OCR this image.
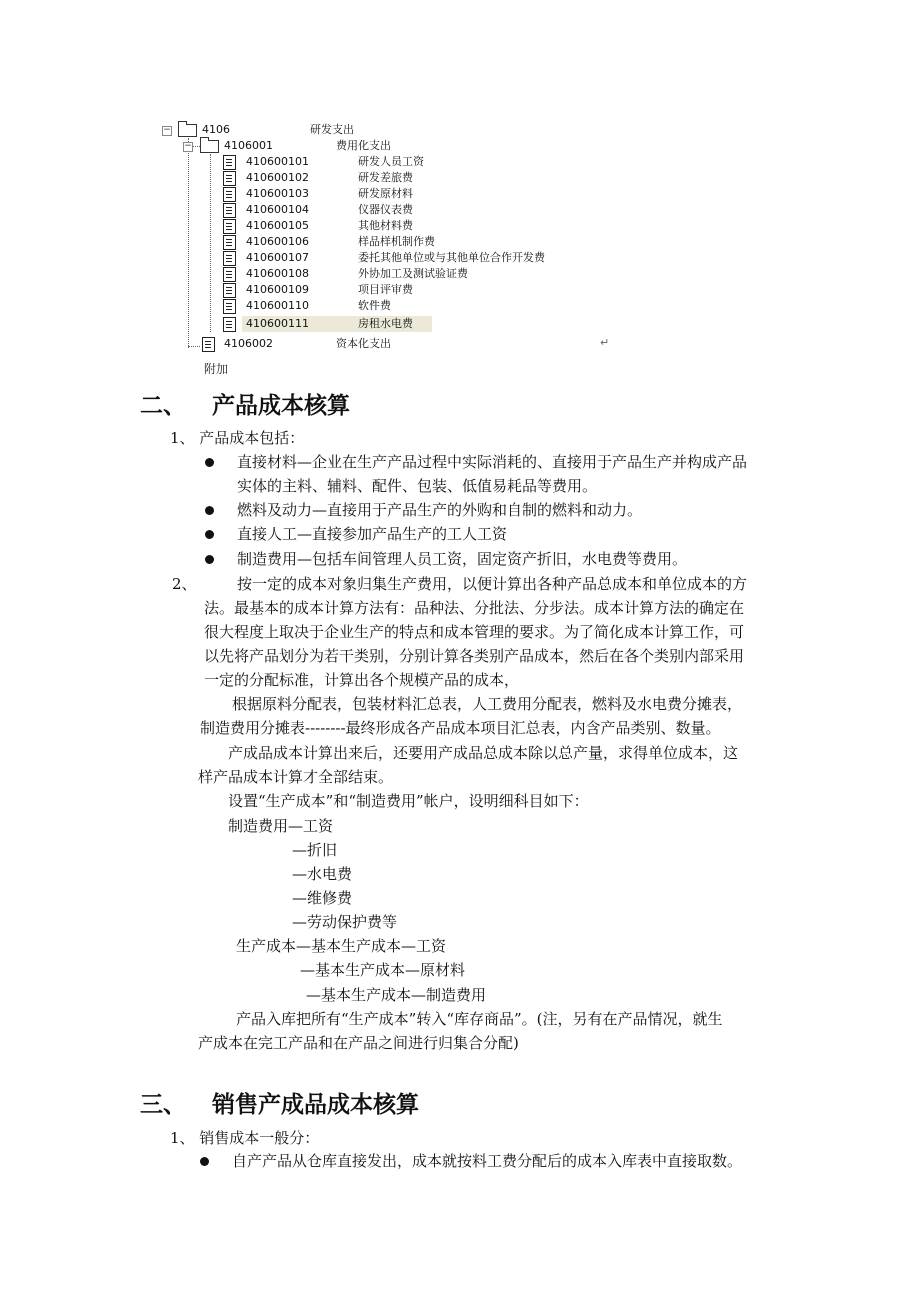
−	4106	研发支出
−	4106001	费用化支出
410600101	研发人员工资
410600102	研发差旅费
410600103	研发原材料
410600104	仪器仪表费
410600105	其他材料费
410600106	样品样机制作费
410600107	委托其他单位或与其他单位合作开发费
410600108	外协加工及测试验证费
410600109	项目评审费
410600110	软件费
410600111	房租水电费
4106002	资本化支出	↵
附加
二、 产品成本核算
1、 产品成本包括：
直接材料—企业在生产产品过程中实际消耗的、直接用于产品生产并构成产品
实体的主料、辅料、配件、包装、低值易耗品等费用。
燃料及动力—直接用于产品生产的外购和自制的燃料和动力。
直接人工—直接参加产品生产的工人工资
制造费用—包括车间管理人员工资，固定资产折旧，水电费等费用。
2、	按一定的成本对象归集生产费用，以便计算出各种产品总成本和单位成本的方
法。最基本的成本计算方法有：品种法、分批法、分步法。成本计算方法的确定在
很大程度上取决于企业生产的特点和成本管理的要求。为了简化成本计算工作，可
以先将产品划分为若干类别，分别计算各类别产品成本，然后在各个类别内部采用
一定的分配标准，计算出各个规模产品的成本，
根据原料分配表，包装材料汇总表，人工费用分配表，燃料及水电费分摊表，
制造费用分摊表--------最终形成各产品成本项目汇总表，内含产品类别、数量。
产成品成本计算出来后，还要用产成品总成本除以总产量，求得单位成本，这
样产品成本计算才全部结束。
设置“生产成本”和“制造费用”帐户，设明细科目如下：
制造费用—工资
—折旧
—水电费
—维修费
—劳动保护费等
生产成本—基本生产成本—工资
—基本生产成本—原材料
—基本生产成本—制造费用
产品入库把所有“生产成本”转入“库存商品”。(注，另有在产品情况，就生
产成本在完工产品和在产品之间进行归集合分配)
三、 销售产成品成本核算
1、 销售成本一般分：
自产产品从仓库直接发出，成本就按料工费分配后的成本入库表中直接取数。
